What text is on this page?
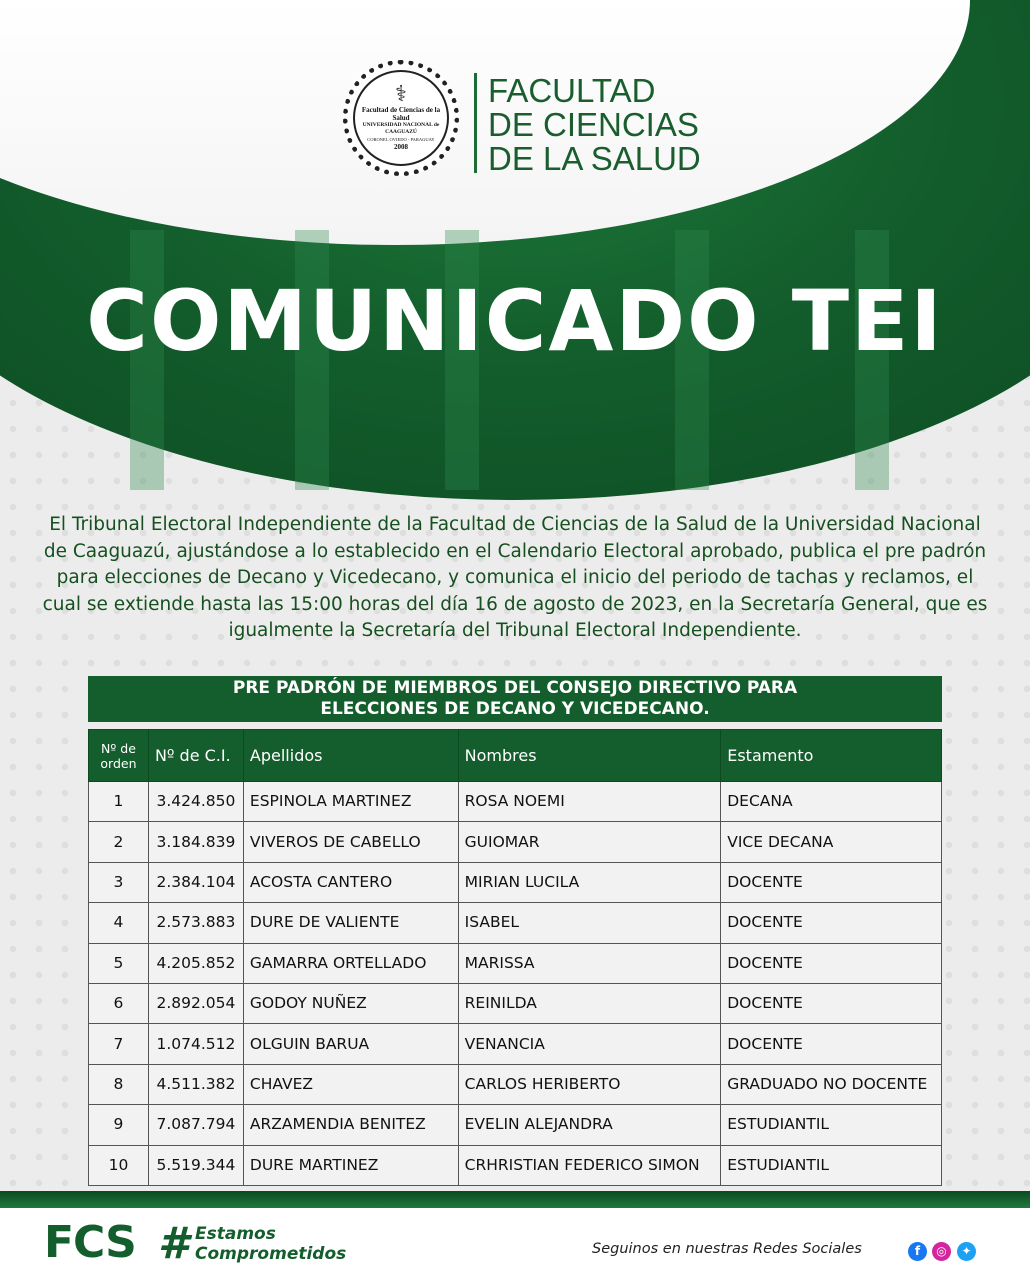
⚕
Facultad de Ciencias de la Salud
UNIVERSIDAD NACIONAL de CAAGUAZÚ
CORONEL OVIEDO - PARAGUAY
2008
FACULTAD
DE CIENCIAS
DE LA SALUD
COMUNICADO TEI
El Tribunal Electoral Independiente de la Facultad de Ciencias de la Salud de la Universidad Nacional de Caaguazú, ajustándose a lo establecido en el Calendario Electoral aprobado, publica el pre padrón para elecciones de Decano y Vicedecano, y comunica el inicio del periodo de tachas y reclamos, el cual se extiende hasta las 15:00 horas del día 16 de agosto de 2023, en la Secretaría General, que es igualmente la Secretaría del Tribunal Electoral Independiente.
PRE PADRÓN DE MIEMBROS DEL CONSEJO DIRECTIVO PARA
ELECCIONES DE DECANO Y VICEDECANO.
Nº de orden	Nº de C.I.	Apellidos	Nombres	Estamento
1	3.424.850	ESPINOLA MARTINEZ	ROSA NOEMI	DECANA
2	3.184.839	VIVEROS DE CABELLO	GUIOMAR	VICE DECANA
3	2.384.104	ACOSTA CANTERO	MIRIAN LUCILA	DOCENTE
4	2.573.883	DURE DE VALIENTE	ISABEL	DOCENTE
5	4.205.852	GAMARRA ORTELLADO	MARISSA	DOCENTE
6	2.892.054	GODOY NUÑEZ	REINILDA	DOCENTE
7	1.074.512	OLGUIN BARUA	VENANCIA	DOCENTE
8	4.511.382	CHAVEZ	CARLOS HERIBERTO	GRADUADO NO DOCENTE
9	7.087.794	ARZAMENDIA BENITEZ	EVELIN ALEJANDRA	ESTUDIANTIL
10	5.519.344	DURE MARTINEZ	CRHRISTIAN FEDERICO SIMON	ESTUDIANTIL
FCS # Estamos
Comprometidos	Seguinos en nuestras Redes Sociales	f	◎	✦
